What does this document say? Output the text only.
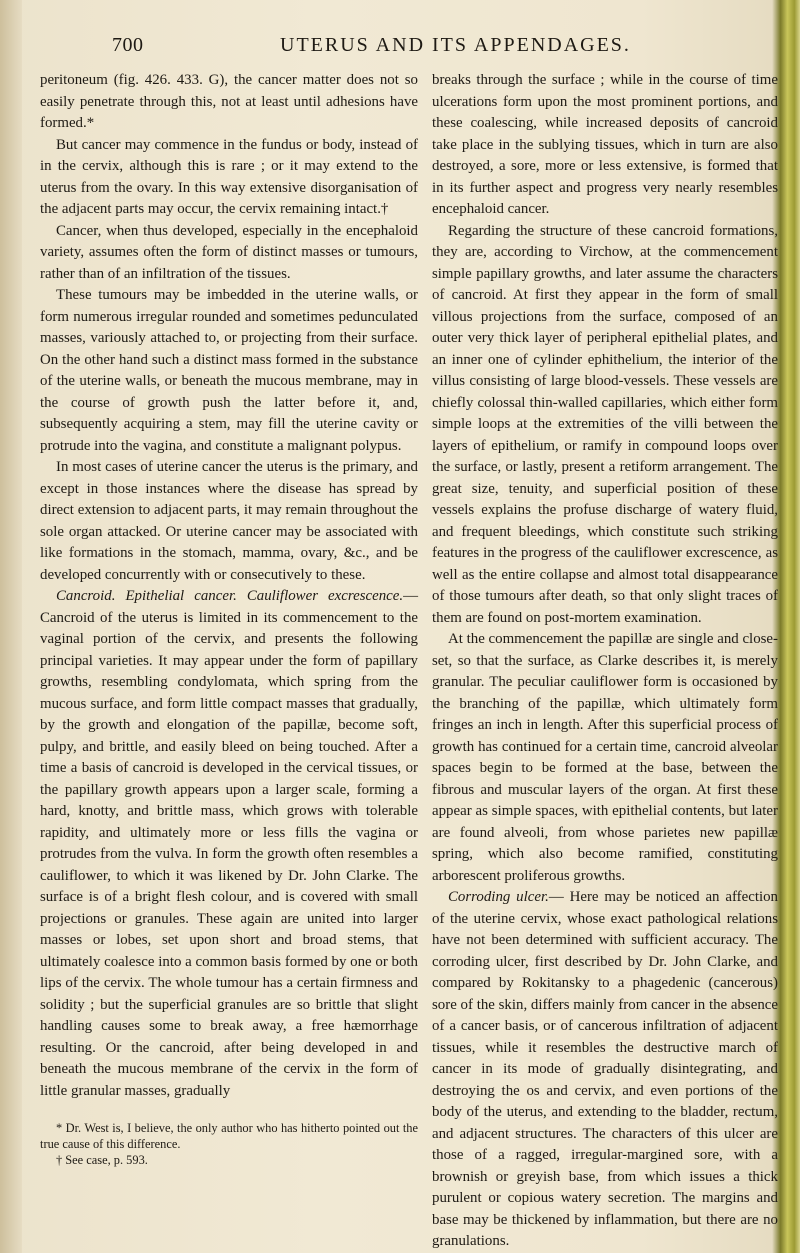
700	UTERUS AND ITS APPENDAGES.

peritoneum (fig. 426. 433. G), the cancer matter does not so easily penetrate through this, not at least until adhesions have formed.*

But cancer may commence in the fundus or body, instead of in the cervix, although this is rare ; or it may extend to the uterus from the ovary. In this way extensive disorganisation of the adjacent parts may occur, the cervix remaining intact.†

Cancer, when thus developed, especially in the encephaloid variety, assumes often the form of distinct masses or tumours, rather than of an infiltration of the tissues.

These tumours may be imbedded in the uterine walls, or form numerous irregular rounded and sometimes pedunculated masses, variously attached to, or projecting from their surface. On the other hand such a distinct mass formed in the substance of the uterine walls, or beneath the mucous membrane, may in the course of growth push the latter before it, and, subsequently acquiring a stem, may fill the uterine cavity or protrude into the vagina, and constitute a malignant polypus.

In most cases of uterine cancer the uterus is the primary, and except in those instances where the disease has spread by direct extension to adjacent parts, it may remain throughout the sole organ attacked. Or uterine cancer may be associated with like formations in the stomach, mamma, ovary, &c., and be developed concurrently with or consecutively to these.

Cancroid. Epithelial cancer. Cauliflower excrescence.—Cancroid of the uterus is limited in its commencement to the vaginal portion of the cervix, and presents the following principal varieties. It may appear under the form of papillary growths, resembling condylomata, which spring from the mucous surface, and form little compact masses that gradually, by the growth and elongation of the papillæ, become soft, pulpy, and brittle, and easily bleed on being touched. After a time a basis of cancroid is developed in the cervical tissues, or the papillary growth appears upon a larger scale, forming a hard, knotty, and brittle mass, which grows with tolerable rapidity, and ultimately more or less fills the vagina or protrudes from the vulva. In form the growth often resembles a cauliflower, to which it was likened by Dr. John Clarke. The surface is of a bright flesh colour, and is covered with small projections or granules. These again are united into larger masses or lobes, set upon short and broad stems, that ultimately coalesce into a common basis formed by one or both lips of the cervix. The whole tumour has a certain firmness and solidity ; but the superficial granules are so brittle that slight handling causes some to break away, a free hæmorrhage resulting. Or the cancroid, after being developed in and beneath the mucous membrane of the cervix in the form of little granular masses, gradually

* Dr. West is, I believe, the only author who has hitherto pointed out the true cause of this difference.

† See case, p. 593.

breaks through the surface ; while in the course of time ulcerations form upon the most prominent portions, and these coalescing, while increased deposits of cancroid take place in the sublying tissues, which in turn are also destroyed, a sore, more or less extensive, is formed that in its further aspect and progress very nearly resembles encephaloid cancer.

Regarding the structure of these cancroid formations, they are, according to Virchow, at the commencement simple papillary growths, and later assume the characters of cancroid. At first they appear in the form of small villous projections from the surface, composed of an outer very thick layer of peripheral epithelial plates, and an inner one of cylinder ephithelium, the interior of the villus consisting of large blood-vessels. These vessels are chiefly colossal thin-walled capillaries, which either form simple loops at the extremities of the villi between the layers of epithelium, or ramify in compound loops over the surface, or lastly, present a retiform arrangement. The great size, tenuity, and superficial position of these vessels explains the profuse discharge of watery fluid, and frequent bleedings, which constitute such striking features in the progress of the cauliflower excrescence, as well as the entire collapse and almost total disappearance of those tumours after death, so that only slight traces of them are found on post-mortem examination.

At the commencement the papillæ are single and close-set, so that the surface, as Clarke describes it, is merely granular. The peculiar cauliflower form is occasioned by the branching of the papillæ, which ultimately form fringes an inch in length. After this superficial process of growth has continued for a certain time, cancroid alveolar spaces begin to be formed at the base, between the fibrous and muscular layers of the organ. At first these appear as simple spaces, with epithelial contents, but later are found alveoli, from whose parietes new papillæ spring, which also become ramified, constituting arborescent proliferous growths.

Corroding ulcer.— Here may be noticed an affection of the uterine cervix, whose exact pathological relations have not been determined with sufficient accuracy. The corroding ulcer, first described by Dr. John Clarke, and compared by Rokitansky to a phagedenic (cancerous) sore of the skin, differs mainly from cancer in the absence of a cancer basis, or of cancerous infiltration of adjacent tissues, while it resembles the destructive march of cancer in its mode of gradually disintegrating, and destroying the os and cervix, and even portions of the body of the uterus, and extending to the bladder, rectum, and adjacent structures. The characters of this ulcer are those of a ragged, irregular-margined sore, with a brownish or greyish base, from which issues a thick purulent or copious watery secretion. The margins and base may be thickened by inflammation, but there are no granulations.
